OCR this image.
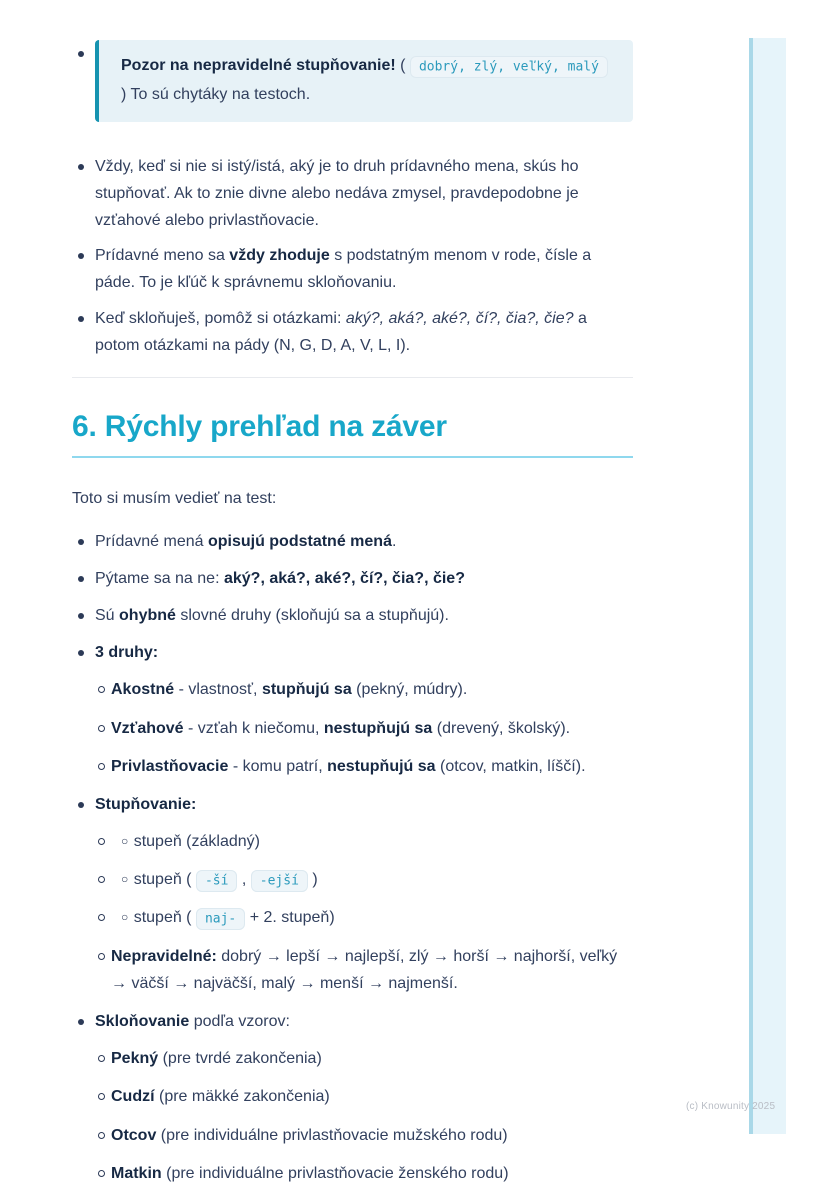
Pozor na nepravidelné stupňovanie! ( dobrý, zlý, veľký, malý ) To sú chytáky na testoch.
Vždy, keď si nie si istý/istá, aký je to druh prídavného mena, skús ho stupňovať. Ak to znie divne alebo nedáva zmysel, pravdepodobne je vzťahové alebo privlastňovacie.
Prídavné meno sa vždy zhoduje s podstatným menom v rode, čísle a páde. To je kľúč k správnemu skloňovaniu.
Keď skloňuješ, pomôž si otázkami: aký?, aká?, aké?, čí?, čia?, čie? a potom otázkami na pády (N, G, D, A, V, L, I).
6. Rýchly prehľad na záver

Toto si musím vedieť na test:

Prídavné mená opisujú podstatné mená.
Pýtame sa na ne: aký?, aká?, aké?, čí?, čia?, čie?
Sú ohybné slovné druhy (skloňujú sa a stupňujú).
3 druhy:
Akostné - vlastnosť, stupňujú sa (pekný, múdry).
Vzťahové - vzťah k niečomu, nestupňujú sa (drevený, školský).
Privlastňovacie - komu patrí, nestupňujú sa (otcov, matkin, líščí).
Stupňovanie:
○ stupeň (základný)
○ stupeň ( -ší , -ejší )
○ stupeň ( naj- + 2. stupeň)
Nepravidelné: dobrý → lepší → najlepší, zlý → horší → najhorší, veľký → väčší → najväčší, malý → menší → najmenší.
Skloňovanie podľa vzorov:
Pekný (pre tvrdé zakončenia)
Cudzí (pre mäkké zakončenia)
Otcov (pre individuálne privlastňovacie mužského rodu)
Matkin (pre individuálne privlastňovacie ženského rodu)
(c) Knowunity 2025
